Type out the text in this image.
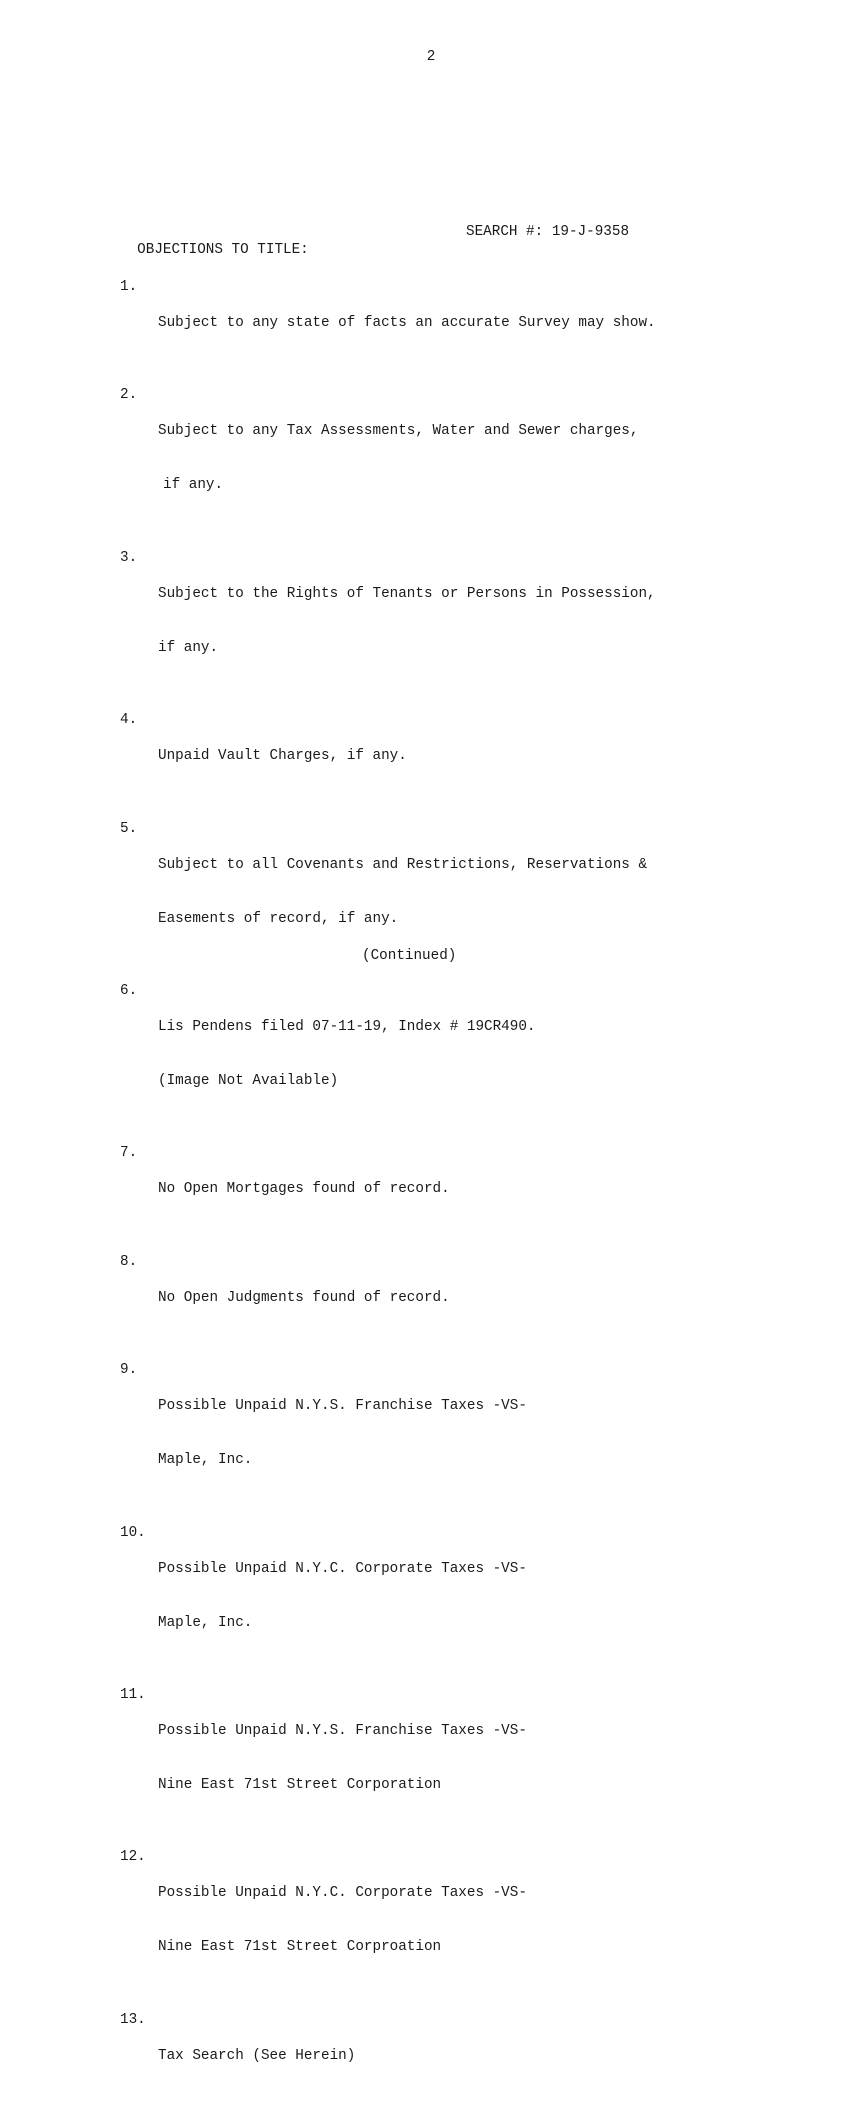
2

OBJECTIONS TO TITLE:

SEARCH #: 19-J-9358

1.

Subject to any state of facts an accurate Survey may show.

2.

Subject to any Tax Assessments, Water and Sewer charges,

if any.

3.

Subject to the Rights of Tenants or Persons in Possession,

if any.

4.

Unpaid Vault Charges, if any.

5.

Subject to all Covenants and Restrictions, Reservations &

Easements of record, if any.

6.

Lis Pendens filed 07-11-19, Index # 19CR490.

(Image Not Available)

7.

No Open Mortgages found of record.

8.

No Open Judgments found of record.

9.

Possible Unpaid N.Y.S. Franchise Taxes -VS-

Maple, Inc.

10.

Possible Unpaid N.Y.C. Corporate Taxes -VS-

Maple, Inc.

11.

Possible Unpaid N.Y.S. Franchise Taxes -VS-

Nine East 71st Street Corporation

12.

Possible Unpaid N.Y.C. Corporate Taxes -VS-

Nine East 71st Street Corproation

13.

Tax Search (See Herein)

(Continued)
